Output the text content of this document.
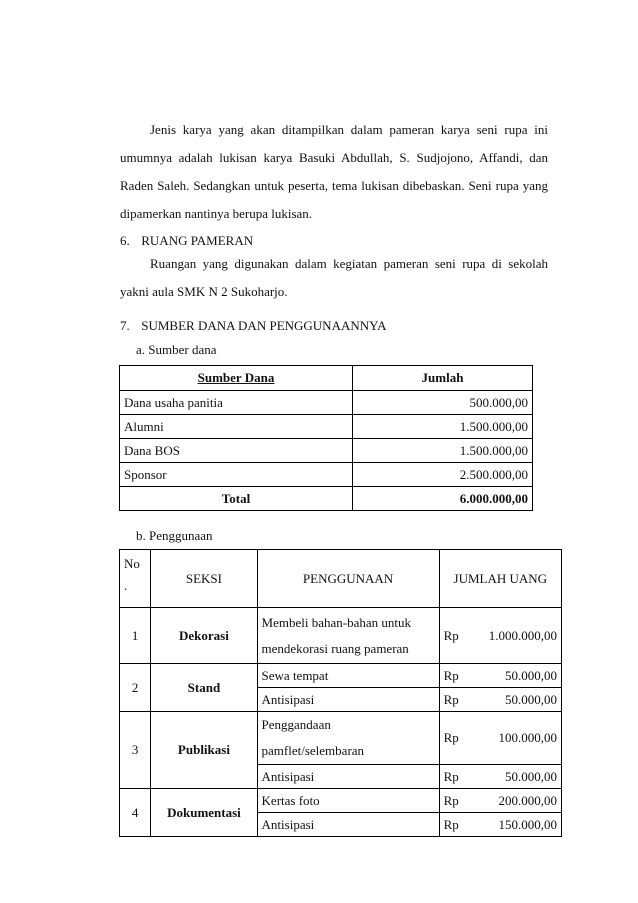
Jenis karya yang akan ditampilkan dalam pameran karya seni rupa ini umumnya adalah lukisan karya Basuki Abdullah, S. Sudjojono, Affandi, dan Raden Saleh. Sedangkan untuk peserta, tema lukisan dibebaskan. Seni rupa yang dipamerkan nantinya berupa lukisan.

6. RUANG PAMERAN

Ruangan yang digunakan dalam kegiatan pameran seni rupa di sekolah yakni aula SMK N 2 Sukoharjo.

7. SUMBER DANA DAN PENGGUNAANNYA

a. Sumber dana

Sumber Dana	Jumlah
Dana usaha panitia	500.000,00
Alumni	1.500.000,00
Dana BOS	1.500.000,00
Sponsor	2.500.000,00
Total	6.000.000,00

b. Penggunaan

No .	SEKSI	PENGGUNAAN	JUMLAH UANG
1	Dekorasi	Membeli bahan-bahan untuk mendekorasi ruang pameran	Rp 1.000.000,00

2	Stand	Sewa tempat	Rp 50.000,00

		Antisipasi	Rp 50.000,00

3	Publikasi	Penggandaan pamflet/selembaran	Rp 100.000,00

		Antisipasi	Rp 50.000,00

4	Dokumentasi	Kertas foto	Rp 200.000,00

		Antisipasi	Rp 150.000,00
